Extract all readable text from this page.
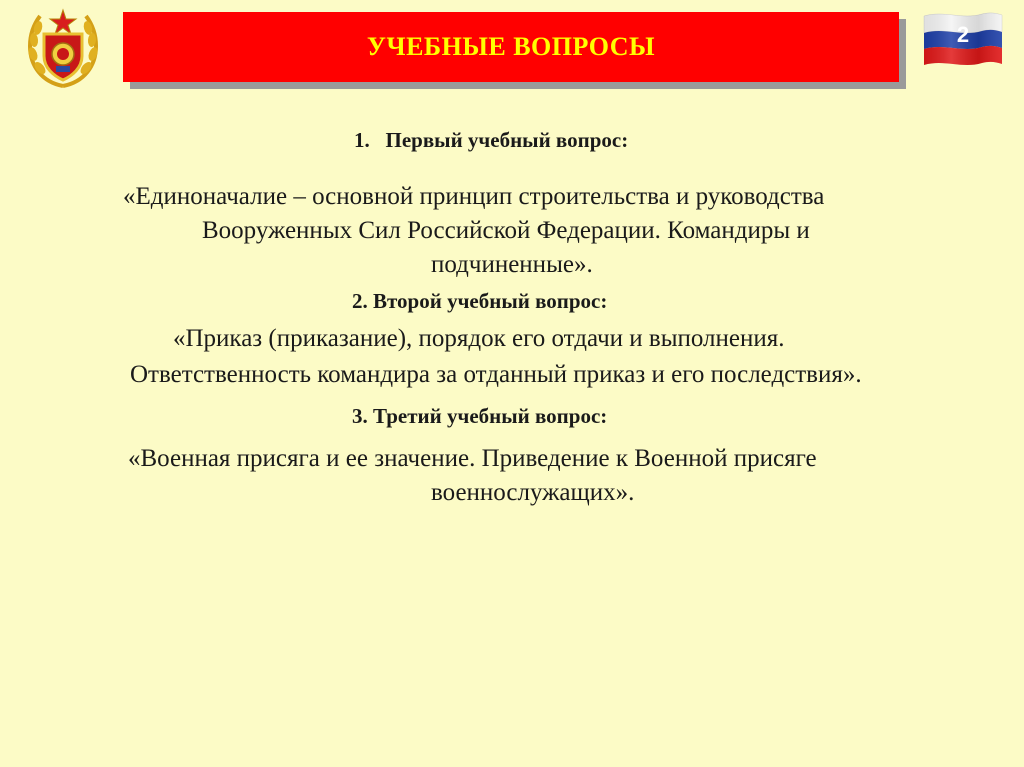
УЧЕБНЫЕ ВОПРОСЫ	2
1. Первый учебный вопрос:
«Единоначалие – основной принцип строительства и руководства
Вооруженных Сил Российской Федерации. Командиры и
подчиненные».
2. Второй учебный вопрос:
«Приказ (приказание), порядок его отдачи и выполнения.
Ответственность командира за отданный приказ и его последствия».
3. Третий учебный вопрос:
«Военная присяга и ее значение. Приведение к Военной присяге
военнослужащих».
